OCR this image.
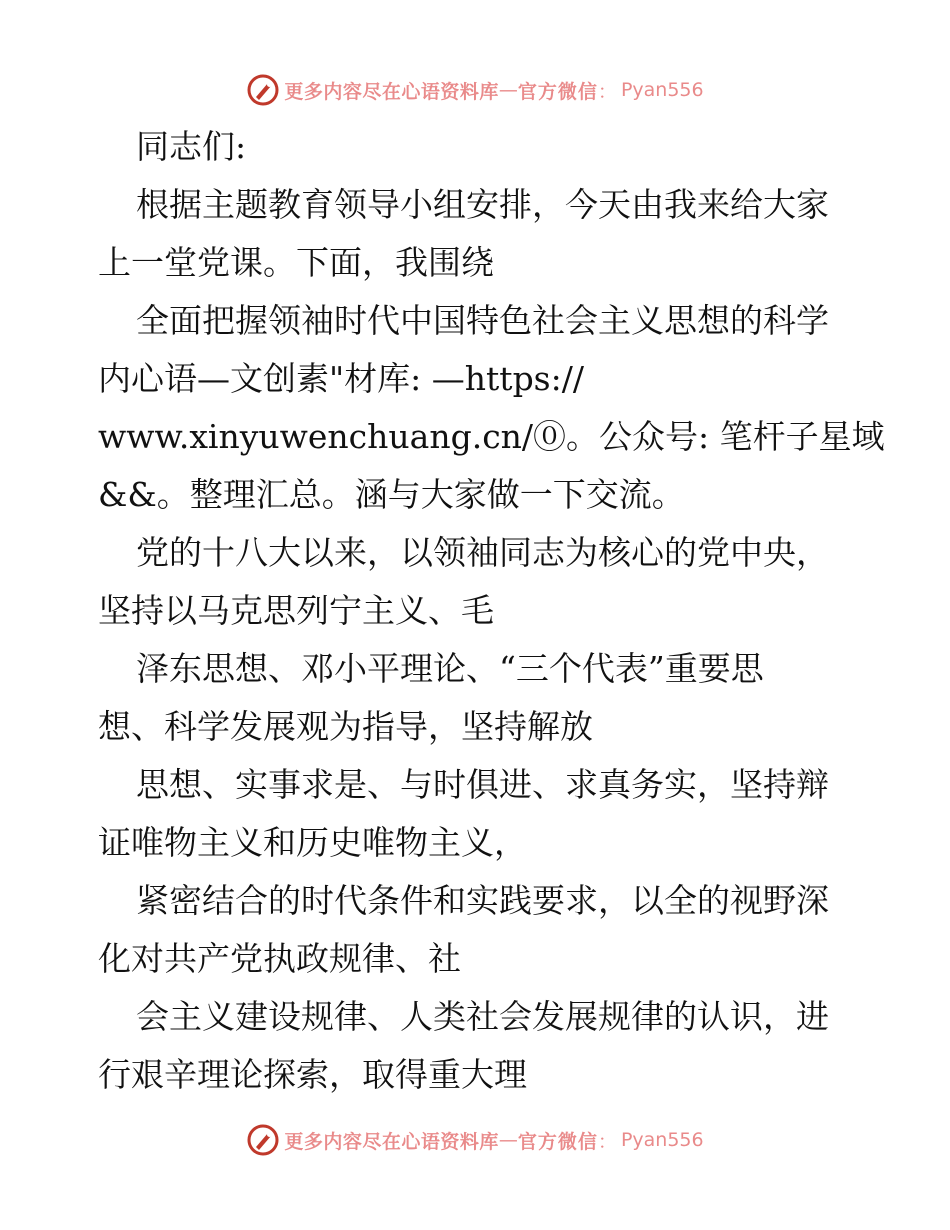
更多内容尽在心语资料库 — 官方微信 ： Pyan556
同志们:
根据主题教育领导小组安排，今天由我来给大家
上一堂党课。下面，我围绕
全面把握领袖时代中国特色社会主义思想的科学
内心语—文创素"材库: —https://
www.xinyuwenchuang.cn/⓪。公众号: 笔杆子星域
&&。整理汇总。涵与大家做一下交流。
党的十八大以来，以领袖同志为核心的党中央，
坚持以马克思列宁主义、毛
泽东思想、邓小平理论、“三个代表”重要思
想、科学发展观为指导，坚持解放
思想、实事求是、与时俱进、求真务实，坚持辩
证唯物主义和历史唯物主义，
紧密结合的时代条件和实践要求，以全的视野深
化对共产党执政规律、社
会主义建设规律、人类社会发展规律的认识，进
行艰辛理论探索，取得重大理
更多内容尽在心语资料库 — 官方微信 ： Pyan556
